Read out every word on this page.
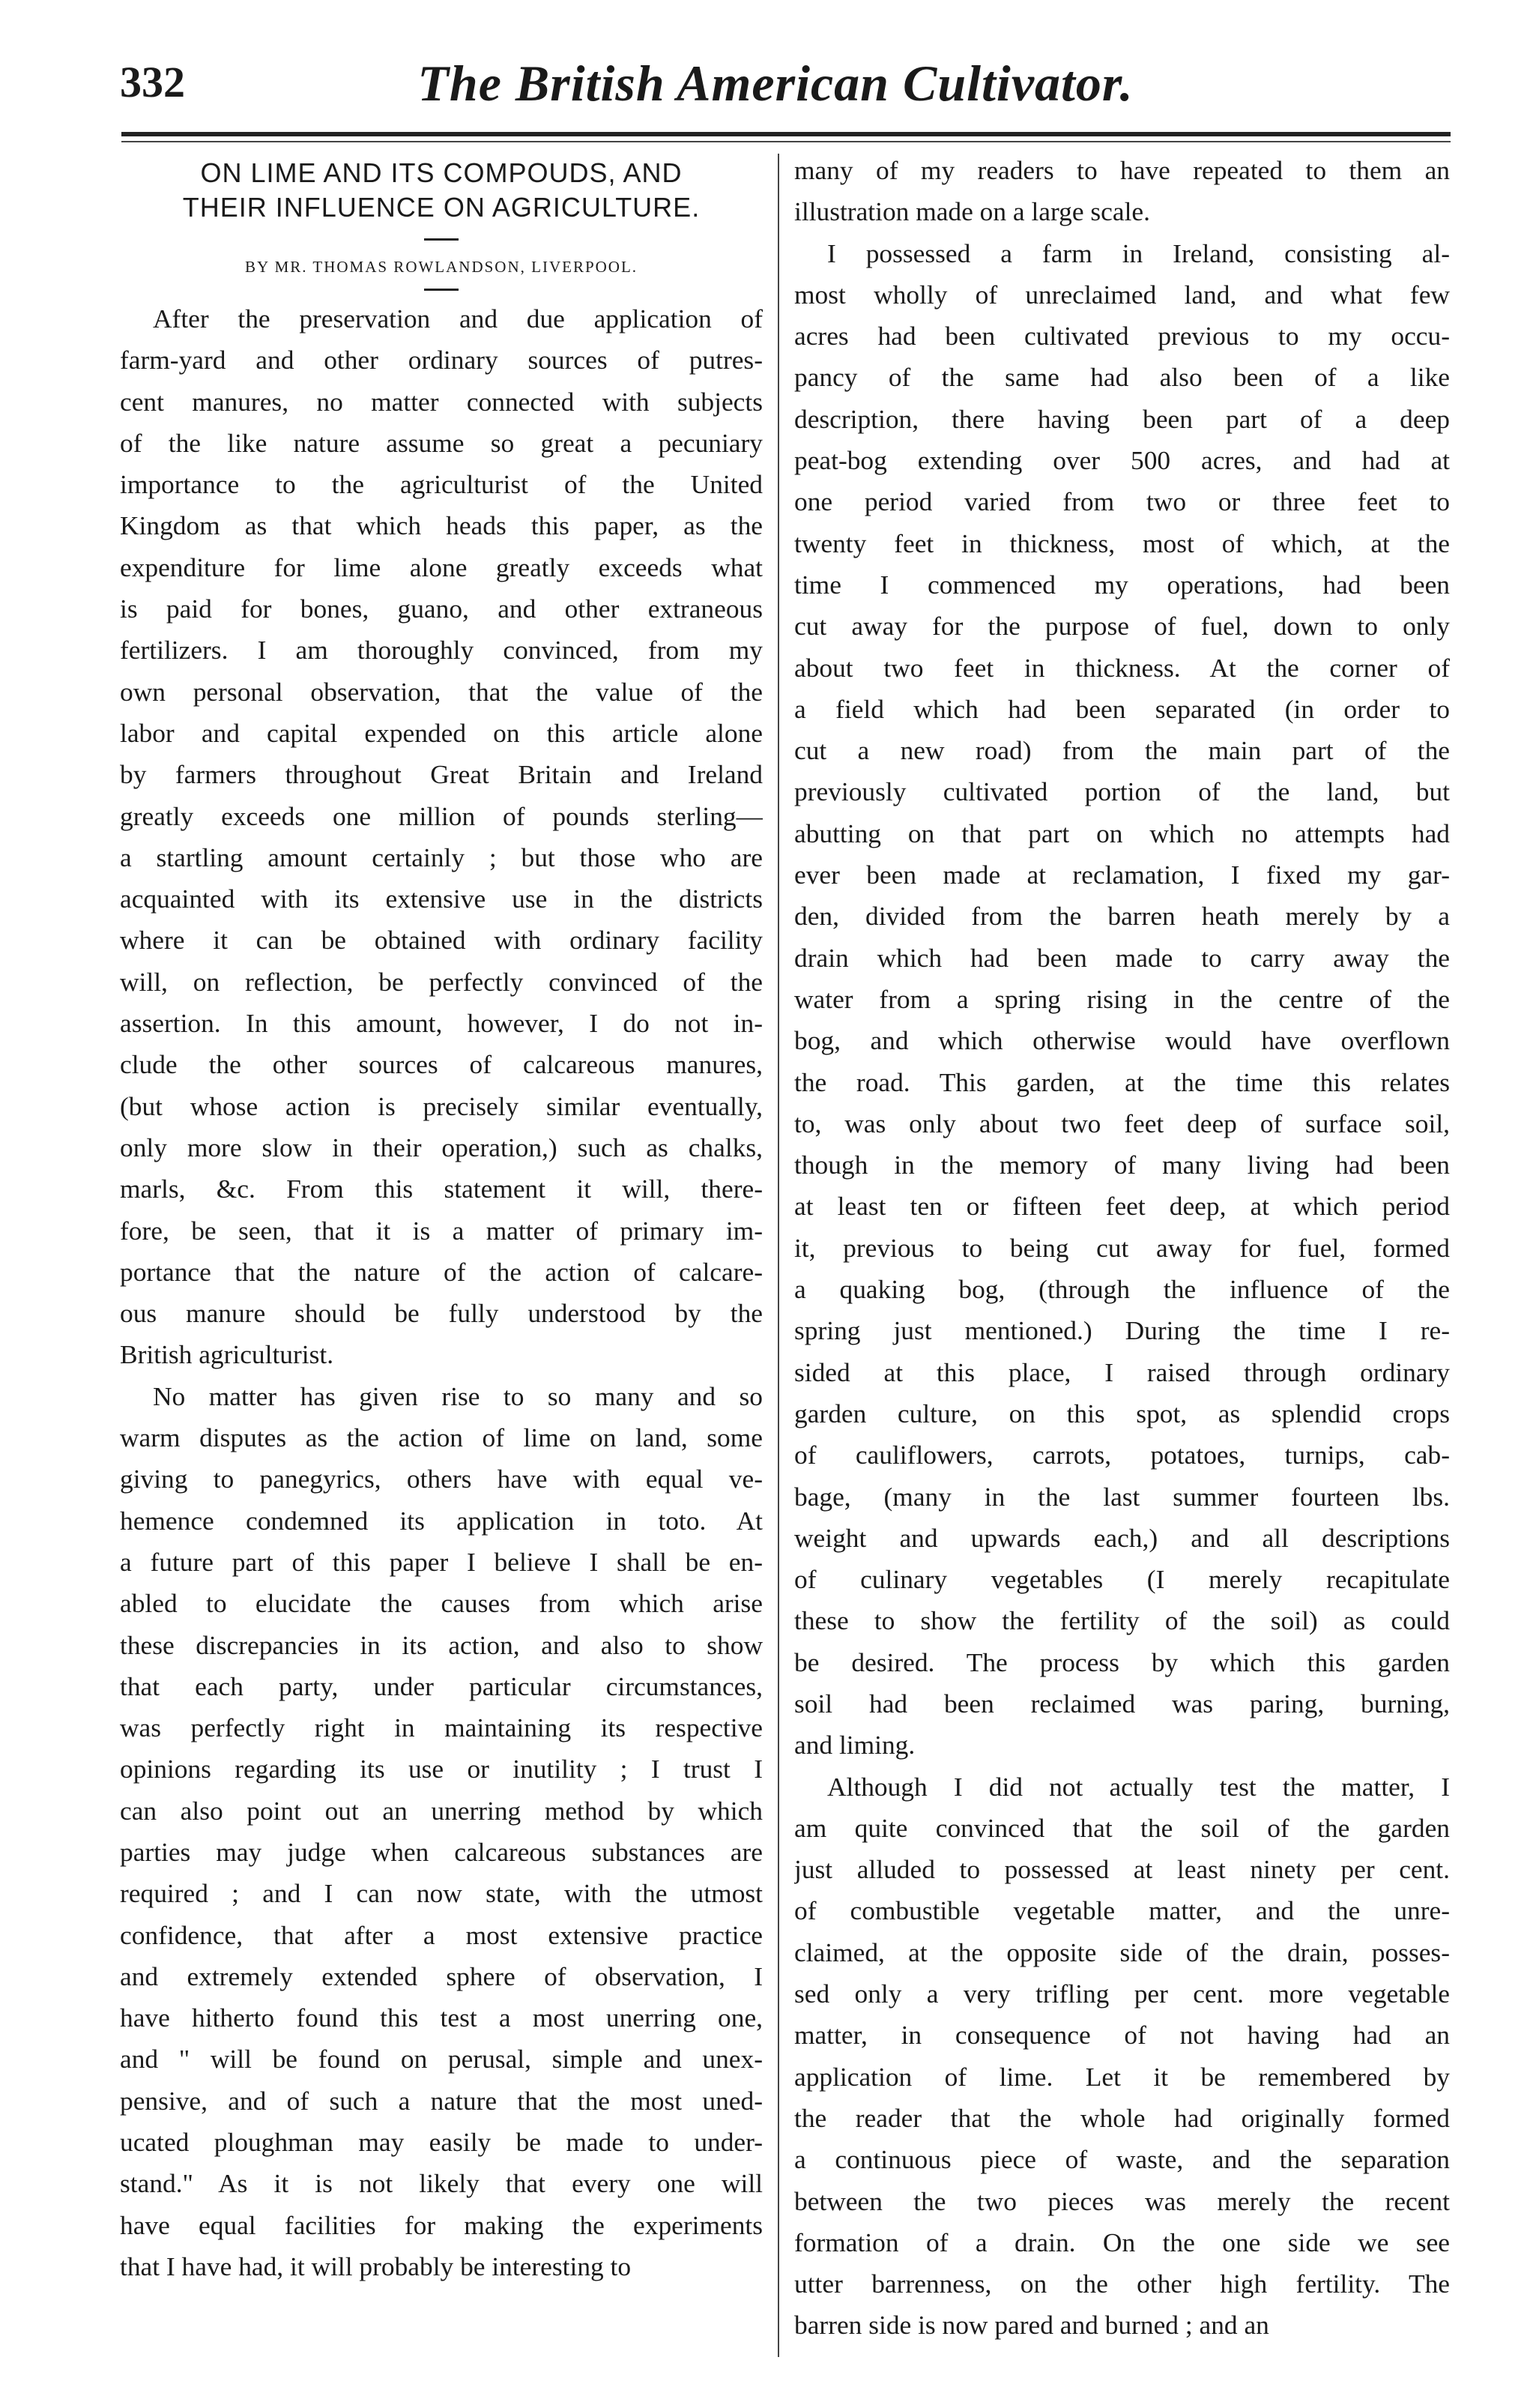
332	The British American Cultivator.
ON LIME AND ITS COMPOUDS, AND
THEIR INFLUENCE ON AGRICULTURE.
BY MR. THOMAS ROWLANDSON, LIVERPOOL.
After the preservation and due application of
farm-yard and other ordinary sources of putres-
cent manures, no matter connected with subjects
of the like nature assume so great a pecuniary
importance to the agriculturist of the United
Kingdom as that which heads this paper, as the
expenditure for lime alone greatly exceeds what
is paid for bones, guano, and other extraneous
fertilizers. I am thoroughly convinced, from my
own personal observation, that the value of the
labor and capital expended on this article alone
by farmers throughout Great Britain and Ireland
greatly exceeds one million of pounds sterling—
a startling amount certainly ; but those who are
acquainted with its extensive use in the districts
where it can be obtained with ordinary facility
will, on reflection, be perfectly convinced of the
assertion. In this amount, however, I do not in-
clude the other sources of calcareous manures,
(but whose action is precisely similar eventually,
only more slow in their operation,) such as chalks,
marls, &c. From this statement it will, there-
fore, be seen, that it is a matter of primary im-
portance that the nature of the action of calcare-
ous manure should be fully understood by the
British agriculturist.
No matter has given rise to so many and so
warm disputes as the action of lime on land, some
giving to panegyrics, others have with equal ve-
hemence condemned its application in toto. At
a future part of this paper I believe I shall be en-
abled to elucidate the causes from which arise
these discrepancies in its action, and also to show
that each party, under particular circumstances,
was perfectly right in maintaining its respective
opinions regarding its use or inutility ; I trust I
can also point out an unerring method by which
parties may judge when calcareous substances are
required ; and I can now state, with the utmost
confidence, that after a most extensive practice
and extremely extended sphere of observation, I
have hitherto found this test a most unerring one,
and " will be found on perusal, simple and unex-
pensive, and of such a nature that the most uned-
ucated ploughman may easily be made to under-
stand." As it is not likely that every one will
have equal facilities for making the experiments
that I have had, it will probably be interesting to
many of my readers to have repeated to them an
illustration made on a large scale.
I possessed a farm in Ireland, consisting al-
most wholly of unreclaimed land, and what few
acres had been cultivated previous to my occu-
pancy of the same had also been of a like
description, there having been part of a deep
peat-bog extending over 500 acres, and had at
one period varied from two or three feet to
twenty feet in thickness, most of which, at the
time I commenced my operations, had been
cut away for the purpose of fuel, down to only
about two feet in thickness. At the corner of
a field which had been separated (in order to
cut a new road) from the main part of the
previously cultivated portion of the land, but
abutting on that part on which no attempts had
ever been made at reclamation, I fixed my gar-
den, divided from the barren heath merely by a
drain which had been made to carry away the
water from a spring rising in the centre of the
bog, and which otherwise would have overflown
the road. This garden, at the time this relates
to, was only about two feet deep of surface soil,
though in the memory of many living had been
at least ten or fifteen feet deep, at which period
it, previous to being cut away for fuel, formed
a quaking bog, (through the influence of the
spring just mentioned.) During the time I re-
sided at this place, I raised through ordinary
garden culture, on this spot, as splendid crops
of cauliflowers, carrots, potatoes, turnips, cab-
bage, (many in the last summer fourteen lbs.
weight and upwards each,) and all descriptions
of culinary vegetables (I merely recapitulate
these to show the fertility of the soil) as could
be desired. The process by which this garden
soil had been reclaimed was paring, burning,
and liming.
Although I did not actually test the matter, I
am quite convinced that the soil of the garden
just alluded to possessed at least ninety per cent.
of combustible vegetable matter, and the unre-
claimed, at the opposite side of the drain, posses-
sed only a very trifling per cent. more vegetable
matter, in consequence of not having had an
application of lime. Let it be remembered by
the reader that the whole had originally formed
a continuous piece of waste, and the separation
between the two pieces was merely the recent
formation of a drain. On the one side we see
utter barrenness, on the other high fertility. The
barren side is now pared and burned ; and an
